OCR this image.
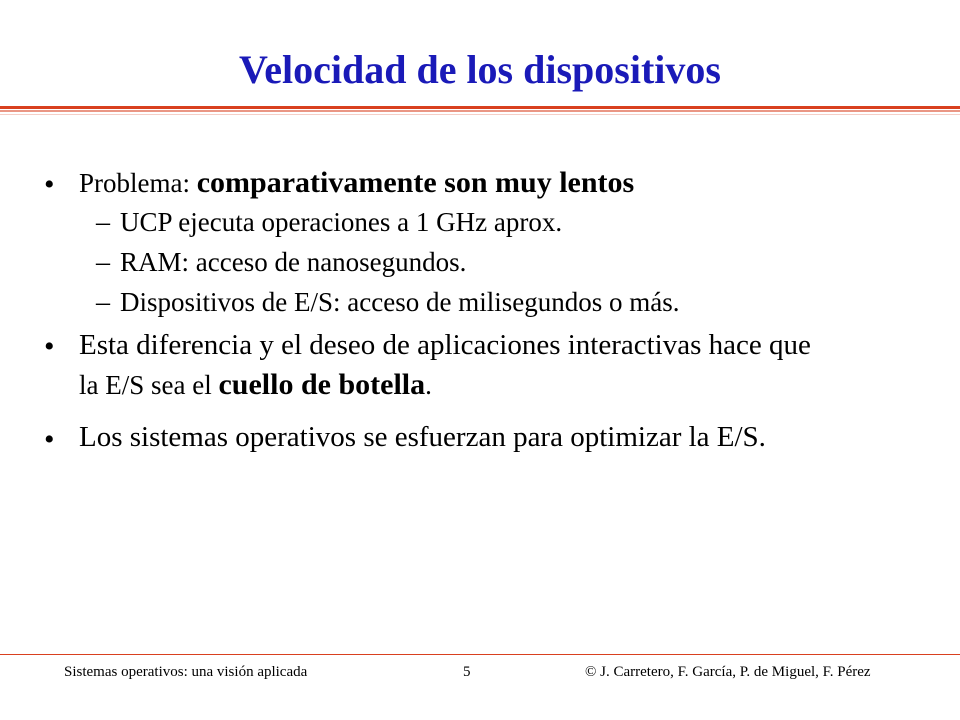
Velocidad de los dispositivos
• Problema: comparativamente son muy lentos
– UCP ejecuta operaciones a 1 GHz aprox.
– RAM: acceso de nanosegundos.
– Dispositivos de E/S: acceso de milisegundos o más.
• Esta diferencia y el deseo de aplicaciones interactivas hace que
la E/S sea el cuello de botella.
• Los sistemas operativos se esfuerzan para optimizar la E/S.
Sistemas operativos: una visión aplicada	5	© J. Carretero, F. García, P. de Miguel, F. Pérez
